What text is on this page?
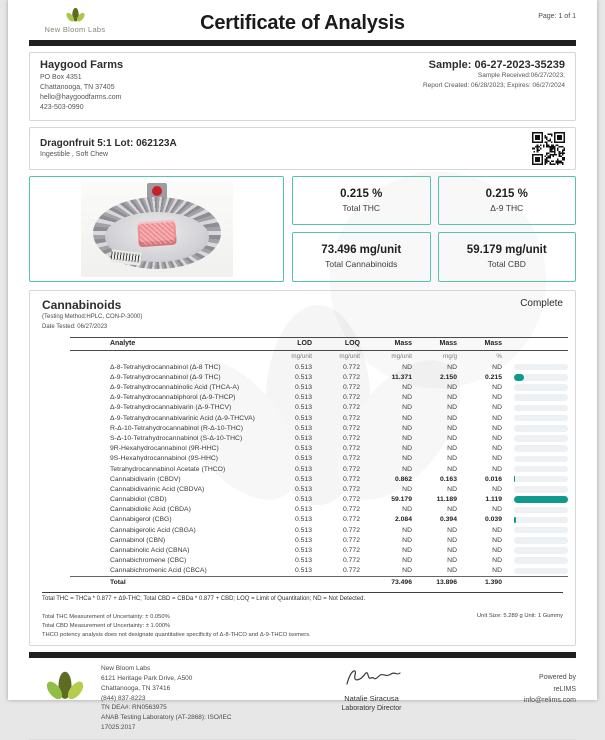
New Bloom Labs	Certificate of Analysis	Page: 1 of 1
Haygood Farms
PO Box 4351
Chattanooga, TN 37405
hello@haygoodfarms.com
423-503-0990
Sample: 06-27-2023-35239
Sample Received:06/27/2023;
Report Created: 06/28/2023; Expires: 06/27/2024
Dragonfruit 5:1 Lot: 062123A
Ingestible , Soft Chew
0.215 %
Total THC
0.215 %
Δ-9 THC
73.496 mg/unit
Total Cannabinoids
59.179 mg/unit
Total CBD
Cannabinoids	Complete
(Testing Method:HPLC, CON-P-3000)
Date Tested: 06/27/2023
Analyte	LOD	LOQ	Mass	Mass	Mass	
	mg/unit	mg/unit	mg/unit	mg/g	%	
Δ-8-Tetrahydrocannabinol (Δ-8 THC)	0.513	0.772	ND	ND	ND	

Δ-9-Tetrahydrocannabinol (Δ-9 THC)	0.513	0.772	11.371	2.150	0.215	

Δ-9-Tetrahydrocannabinolic Acid (THCA-A)	0.513	0.772	ND	ND	ND	

Δ-9-Tetrahydrocannabiphorol (Δ-9-THCP)	0.513	0.772	ND	ND	ND	

Δ-9-Tetrahydrocannabivarin (Δ-9-THCV)	0.513	0.772	ND	ND	ND	

Δ-9-Tetrahydrocannabivarinic Acid (Δ-9-THCVA)	0.513	0.772	ND	ND	ND	

R-Δ-10-Tetrahydrocannabinol (R-Δ-10-THC)	0.513	0.772	ND	ND	ND	

S-Δ-10-Tetrahydrocannabinol (S-Δ-10-THC)	0.513	0.772	ND	ND	ND	

9R-Hexahydrocannabinol (9R-HHC)	0.513	0.772	ND	ND	ND	

9S-Hexahydrocannabinol (9S-HHC)	0.513	0.772	ND	ND	ND	

Tetrahydrocannabinol Acetate (THCO)	0.513	0.772	ND	ND	ND	

Cannabidivarin (CBDV)	0.513	0.772	0.862	0.163	0.016	

Cannabidivarinic Acid (CBDVA)	0.513	0.772	ND	ND	ND	

Cannabidiol (CBD)	0.513	0.772	59.179	11.189	1.119	

Cannabidiolic Acid (CBDA)	0.513	0.772	ND	ND	ND	

Cannabigerol (CBG)	0.513	0.772	2.084	0.394	0.039	

Cannabigerolic Acid (CBGA)	0.513	0.772	ND	ND	ND	

Cannabinol (CBN)	0.513	0.772	ND	ND	ND	

Cannabinolic Acid (CBNA)	0.513	0.772	ND	ND	ND	

Cannabichromene (CBC)	0.513	0.772	ND	ND	ND	

Cannabichromenic Acid (CBCA)	0.513	0.772	ND	ND	ND	

Total			73.496	13.896	1.390	
Total THC = THCa * 0.877 + Δ9-THC; Total CBD = CBDa * 0.877 + CBD; LOQ = Limit of Quantitation; ND = Not Detected.
Total THC Measurement of Uncertainty: ± 0.050%
Total CBD Measurement of Uncertainty: ± 1.000%
THCO potency analysis does not designate quantitative specificity of Δ-8-THCO and Δ-9-THCO isomers.
Unit Size: 5.289 g Unit: 1 Gummy
New Bloom Labs
6121 Heritage Park Drive, A500
Chattanooga, TN 37416
(844) 837-8223
TN DEA#: RN0563975
ANAB Testing Laboratory (AT-2868): ISO/IEC
17025:2017
Natalie Siracusa
Laboratory Director
Powered by
reLIMS
info@relims.com
